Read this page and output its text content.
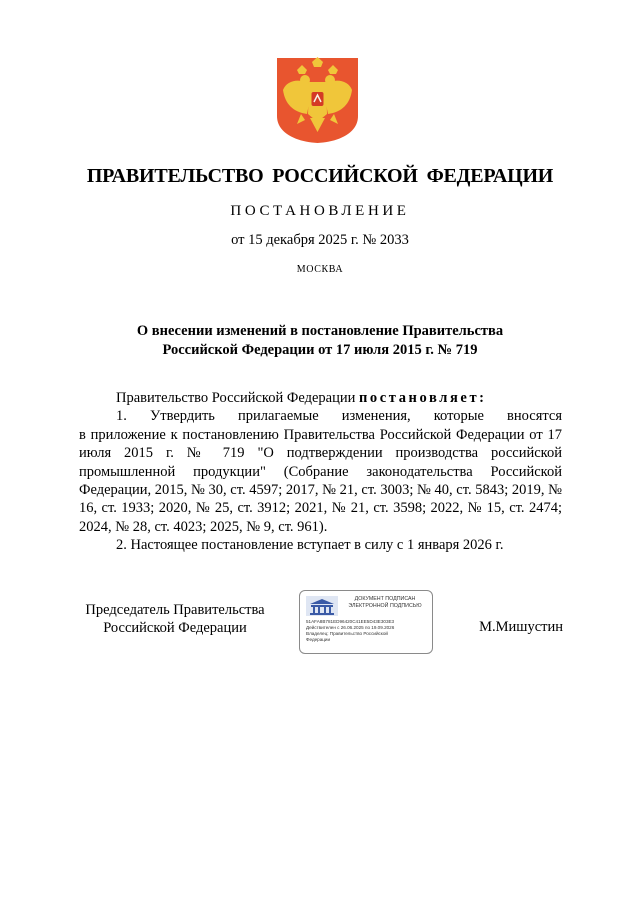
ПРАВИТЕЛЬСТВО РОССИЙСКОЙ ФЕДЕРАЦИИ
ПОСТАНОВЛЕНИЕ
от 15 декабря 2025 г. № 2033
МОСКВА
О внесении изменений в постановление Правительства
Российской Федерации от 17 июля 2015 г. № 719

Правительство Российской Федерации постановляет:

1. Утвердить прилагаемые изменения, которые вносятся

в приложение к постановлению Правительства Российской Федерации от 17 июля 2015 г. № 719 "О подтверждении производства российской промышленной продукции" (Собрание законодательства Российской Федерации, 2015, № 30, ст. 4597; 2017, № 21, ст. 3003; № 40, ст. 5843; 2019, № 16, ст. 1933; 2020, № 25, ст. 3912; 2021, № 21, ст. 3598; 2022, № 15, ст. 2474; 2024, № 28, ст. 4023; 2025, № 9, ст. 961).

2. Настоящее постановление вступает в силу с 1 января 2026 г.

Председатель Правительства
Российской Федерации
ДОКУМЕНТ ПОДПИСАН
ЭЛЕКТРОННОЙ ПОДПИСЬЮ
51AFA8B781ED96420C41EE5D43E303E3
Действителен с 26.06.2025 по 19.09.2026
Владелец: Правительство Российской
Федерации
М.Мишустин
